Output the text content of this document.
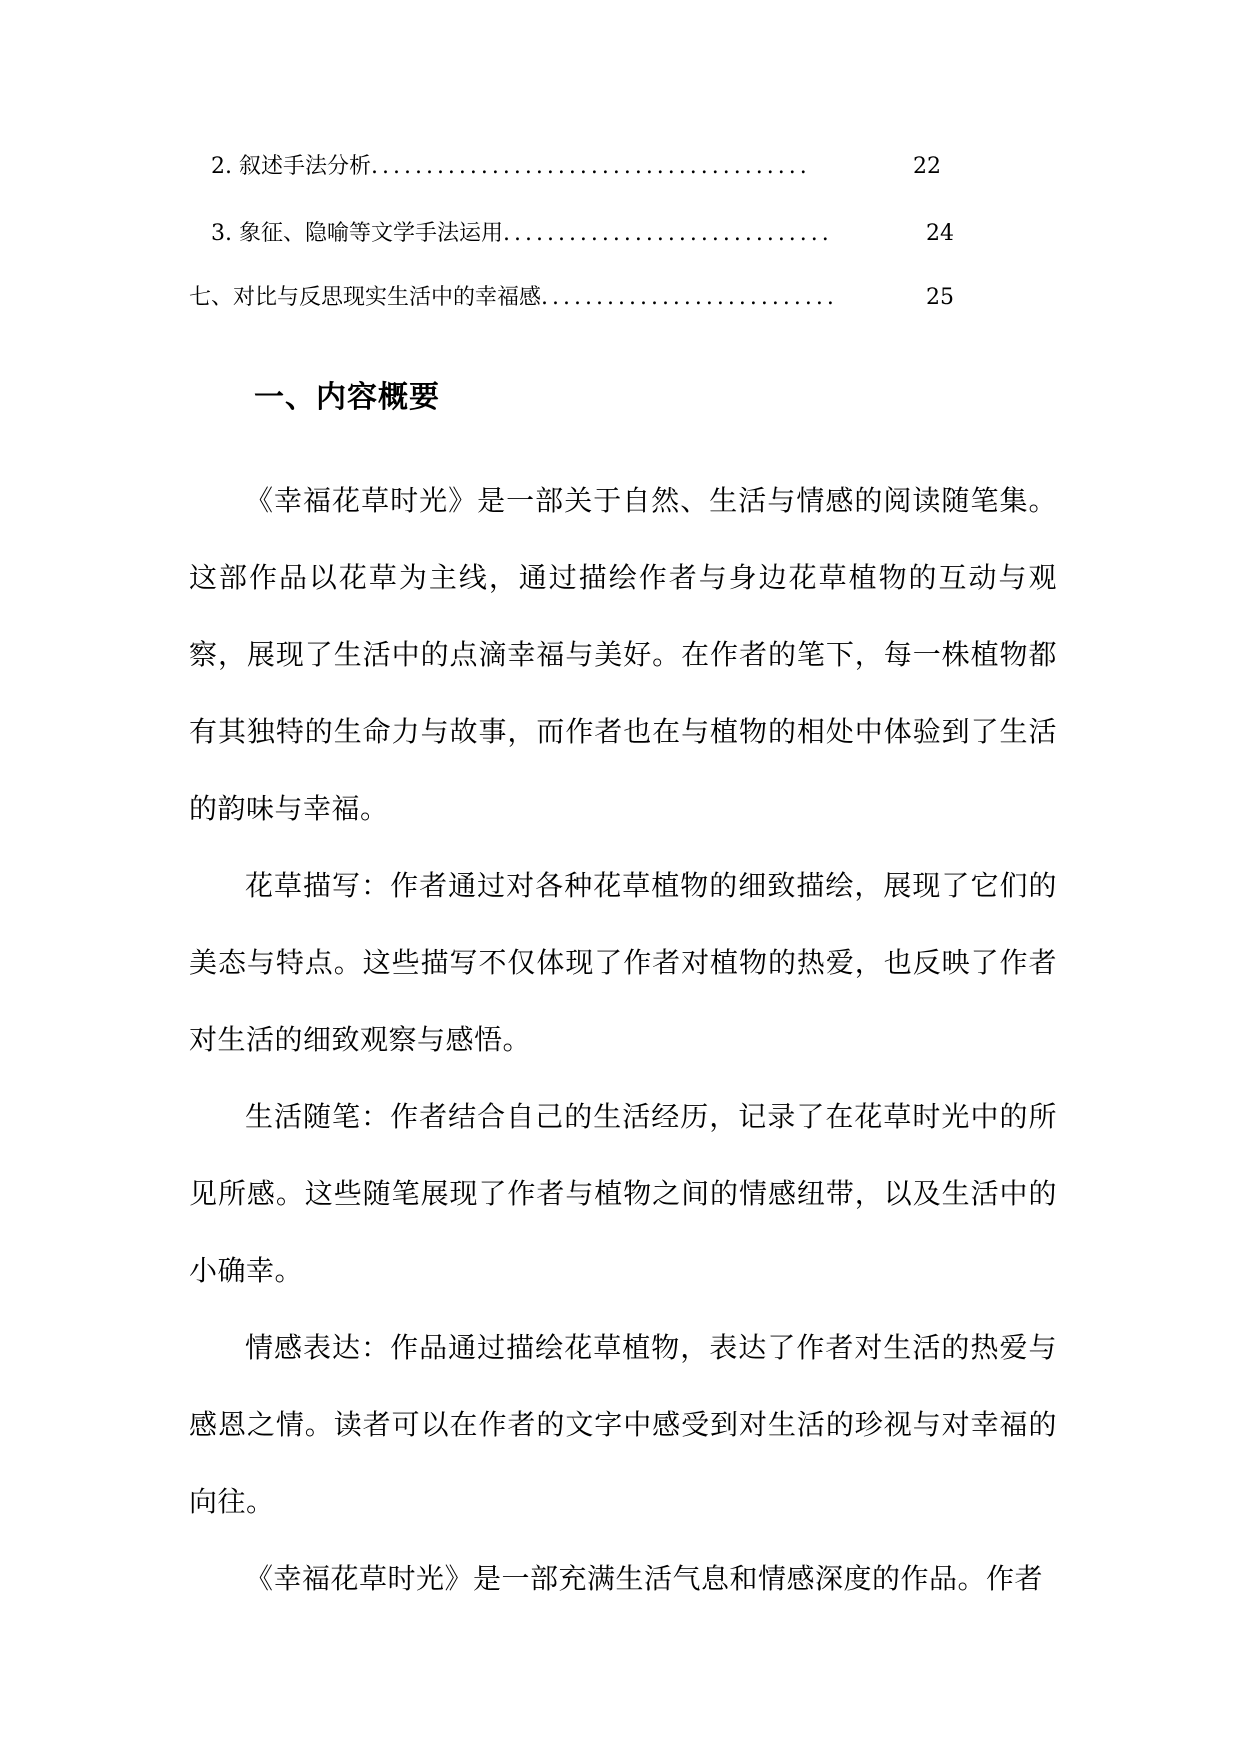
2. 叙述手法分析........................................	22
3. 象征、隐喻等文学手法运用..............................	24
七、对比与反思现实生活中的幸福感...........................	25
一、内容概要

《幸福花草时光》是一部关于自然、生活与情感的阅读随笔集。这部作品以花草为主线，通过描绘作者与身边花草植物的互动与观察，展现了生活中的点滴幸福与美好。在作者的笔下，每一株植物都有其独特的生命力与故事，而作者也在与植物的相处中体验到了生活的韵味与幸福。

花草描写：作者通过对各种花草植物的细致描绘，展现了它们的美态与特点。这些描写不仅体现了作者对植物的热爱，也反映了作者对生活的细致观察与感悟。

生活随笔：作者结合自己的生活经历，记录了在花草时光中的所见所感。这些随笔展现了作者与植物之间的情感纽带，以及生活中的小确幸。

情感表达：作品通过描绘花草植物，表达了作者对生活的热爱与感恩之情。读者可以在作者的文字中感受到对生活的珍视与对幸福的向往。

《幸福花草时光》是一部充满生活气息和情感深度的作品。作者
